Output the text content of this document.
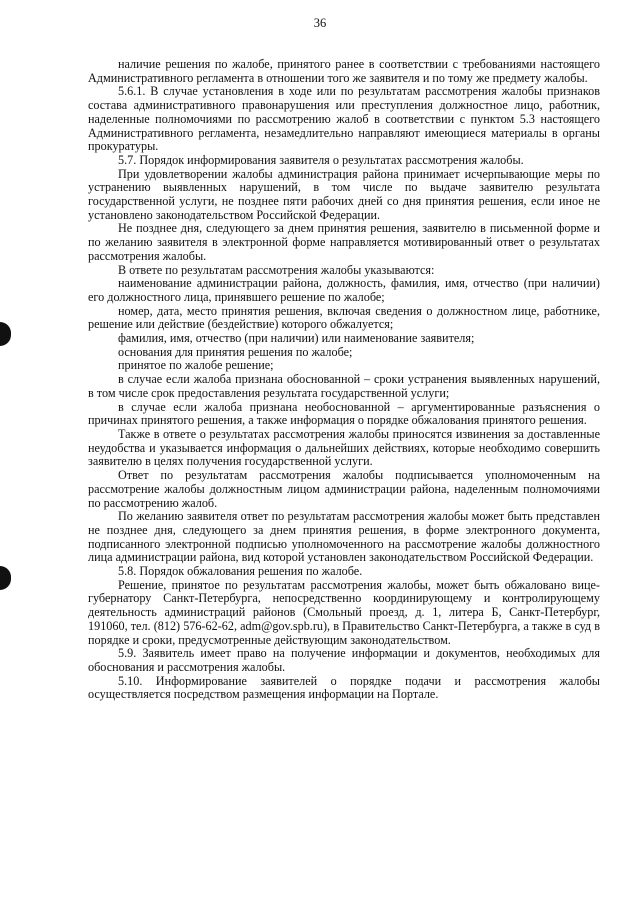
36

наличие решения по жалобе, принятого ранее в соответствии с требованиями настоящего Административного регламента в отношении того же заявителя и по тому же предмету жалобы.

5.6.1. В случае установления в ходе или по результатам рассмотрения жалобы признаков состава административного правонарушения или преступления должностное лицо, работник, наделенные полномочиями по рассмотрению жалоб в соответствии с пунктом 5.3 настоящего Административного регламента, незамедлительно направляют имеющиеся материалы в органы прокуратуры.

5.7. Порядок информирования заявителя о результатах рассмотрения жалобы.

При удовлетворении жалобы администрация района принимает исчерпывающие меры по устранению выявленных нарушений, в том числе по выдаче заявителю результата государственной услуги, не позднее пяти рабочих дней со дня принятия решения, если иное не установлено законодательством Российской Федерации.

Не позднее дня, следующего за днем принятия решения, заявителю в письменной форме и по желанию заявителя в электронной форме направляется мотивированный ответ о результатах рассмотрения жалобы.

В ответе по результатам рассмотрения жалобы указываются:

наименование администрации района, должность, фамилия, имя, отчество (при наличии) его должностного лица, принявшего решение по жалобе;

номер, дата, место принятия решения, включая сведения о должностном лице, работнике, решение или действие (бездействие) которого обжалуется;

фамилия, имя, отчество (при наличии) или наименование заявителя;

основания для принятия решения по жалобе;

принятое по жалобе решение;

в случае если жалоба признана обоснованной – сроки устранения выявленных нарушений, в том числе срок предоставления результата государственной услуги;

в случае если жалоба признана необоснованной – аргументированные разъяснения о причинах принятого решения, а также информация о порядке обжалования принятого решения.

Также в ответе о результатах рассмотрения жалобы приносятся извинения за доставленные неудобства и указывается информация о дальнейших действиях, которые необходимо совершить заявителю в целях получения государственной услуги.

Ответ по результатам рассмотрения жалобы подписывается уполномоченным на рассмотрение жалобы должностным лицом администрации района, наделенным полномочиями по рассмотрению жалоб.

По желанию заявителя ответ по результатам рассмотрения жалобы может быть представлен не позднее дня, следующего за днем принятия решения, в форме электронного документа, подписанного электронной подписью уполномоченного на рассмотрение жалобы должностного лица администрации района, вид которой установлен законодательством Российской Федерации.

5.8. Порядок обжалования решения по жалобе.

Решение, принятое по результатам рассмотрения жалобы, может быть обжаловано вице-губернатору Санкт-Петербурга, непосредственно координирующему и контролирующему деятельность администраций районов (Смольный проезд, д. 1, литера Б, Санкт-Петербург, 191060, тел. (812) 576-62-62, adm@gov.spb.ru), в Правительство Санкт-Петербурга, а также в суд в порядке и сроки, предусмотренные действующим законодательством.

5.9. Заявитель имеет право на получение информации и документов, необходимых для обоснования и рассмотрения жалобы.

5.10. Информирование заявителей о порядке подачи и рассмотрения жалобы осуществляется посредством размещения информации на Портале.
